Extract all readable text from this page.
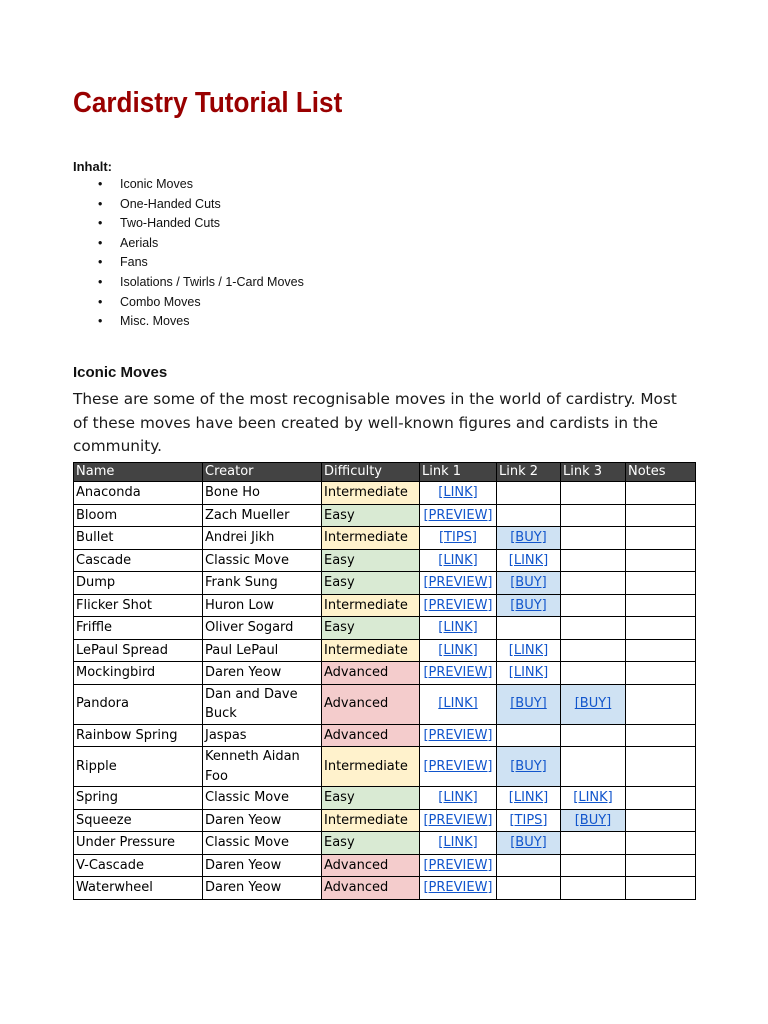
Cardistry Tutorial List
Inhalt:
• Iconic Moves
• One-Handed Cuts
• Two-Handed Cuts
• Aerials
• Fans
• Isolations / Twirls / 1-Card Moves
• Combo Moves
• Misc. Moves
Iconic Moves

These are some of the most recognisable moves in the world of cardistry. Most
of these moves have been created by well-known figures and cardists in the
community.

Name	Creator	Difficulty	Link 1	Link 2	Link 3	Notes
Anaconda	Bone Ho	Intermediate	[LINK]			
Bloom	Zach Mueller	Easy	[PREVIEW]			
Bullet	Andrei Jikh	Intermediate	[TIPS]	[BUY]		
Cascade	Classic Move	Easy	[LINK]	[LINK]		
Dump	Frank Sung	Easy	[PREVIEW]	[BUY]		
Flicker Shot	Huron Low	Intermediate	[PREVIEW]	[BUY]		
Friffle	Oliver Sogard	Easy	[LINK]			
LePaul Spread	Paul LePaul	Intermediate	[LINK]	[LINK]		
Mockingbird	Daren Yeow	Advanced	[PREVIEW]	[LINK]		
Pandora	Dan and Dave Buck	Advanced	[LINK]	[BUY]	[BUY]	
Rainbow Spring	Jaspas	Advanced	[PREVIEW]			
Ripple	Kenneth Aidan Foo	Intermediate	[PREVIEW]	[BUY]		
Spring	Classic Move	Easy	[LINK]	[LINK]	[LINK]	
Squeeze	Daren Yeow	Intermediate	[PREVIEW]	[TIPS]	[BUY]	
Under Pressure	Classic Move	Easy	[LINK]	[BUY]		
V-Cascade	Daren Yeow	Advanced	[PREVIEW]			
Waterwheel	Daren Yeow	Advanced	[PREVIEW]			
